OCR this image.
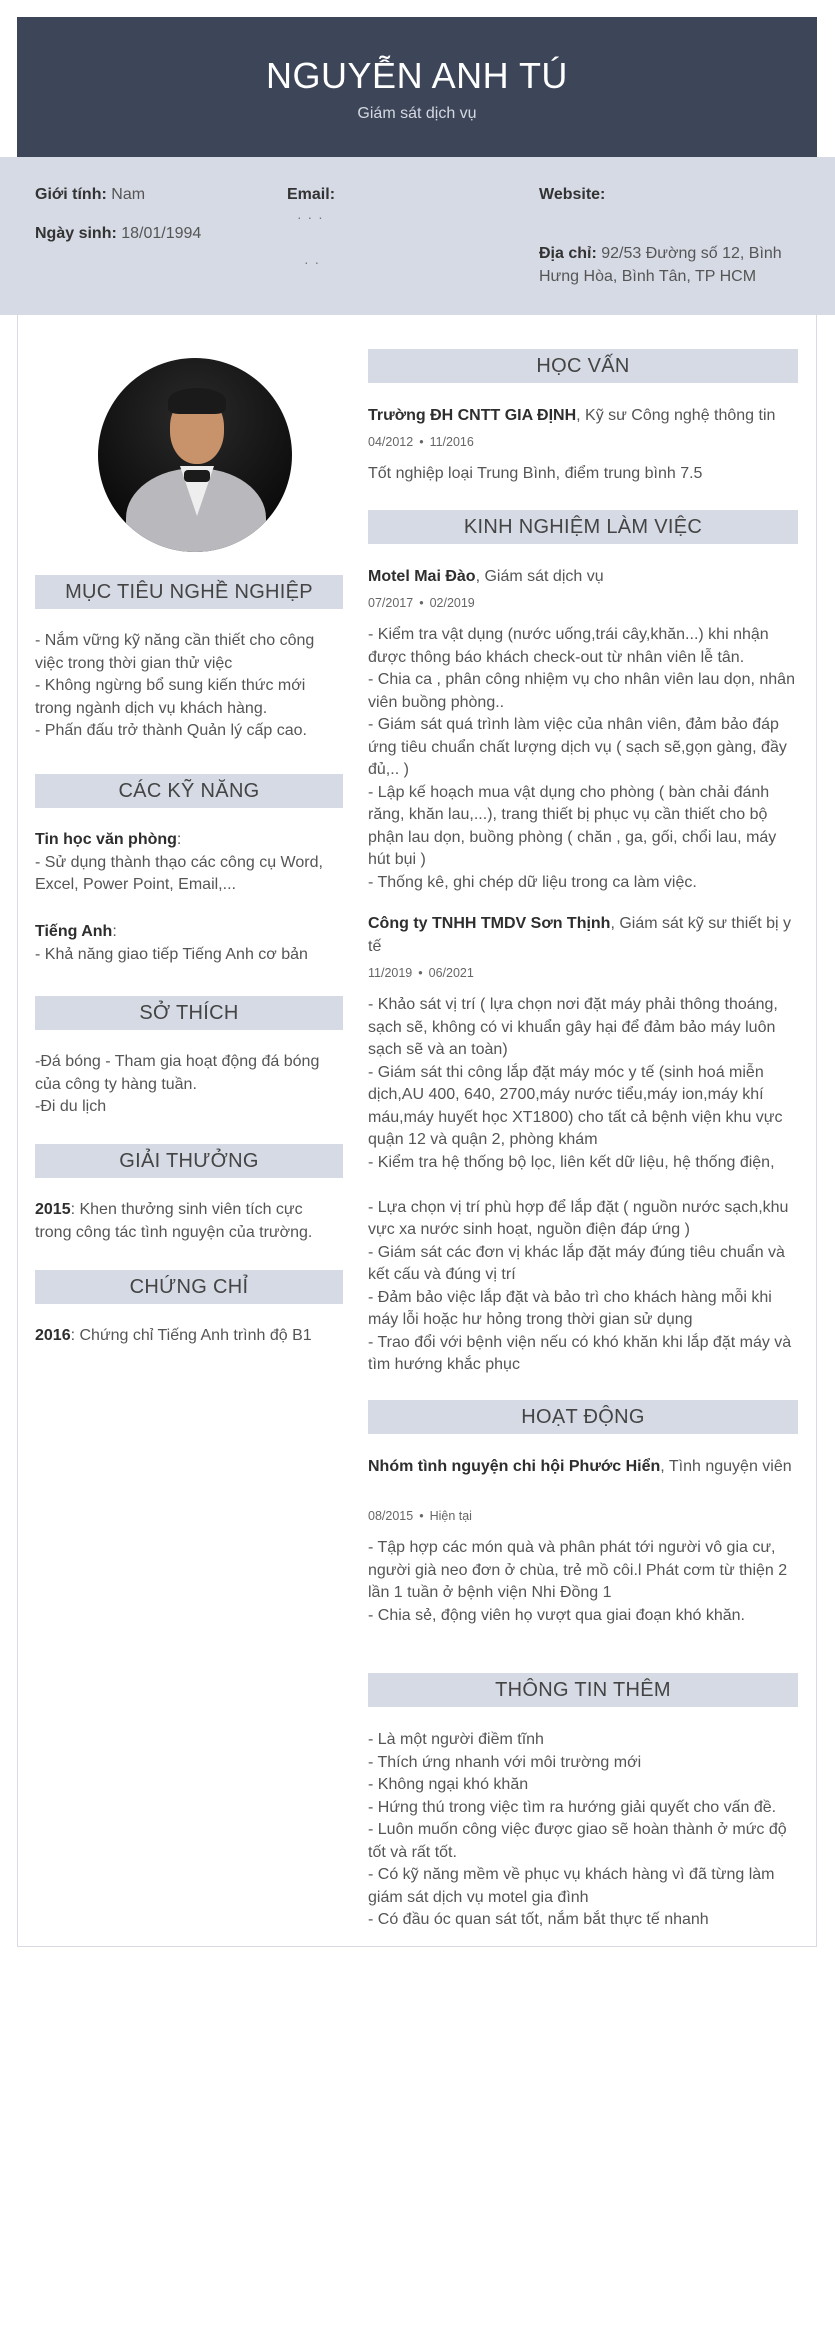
NGUYỄN ANH TÚ
Giám sát dịch vụ
Giới tính: Nam
Ngày sinh: 18/01/1994
Email:
· · ·
· ·
Website:
Địa chỉ: 92/53 Đường số 12, Bình Hưng Hòa, Bình Tân, TP HCM
MỤC TIÊU NGHỀ NGHIỆP
- Nắm vững kỹ năng cần thiết cho công việc trong thời gian thử việc
- Không ngừng bổ sung kiến thức mới trong ngành dịch vụ khách hàng.
- Phấn đấu trở thành Quản lý cấp cao.
CÁC KỸ NĂNG
Tin học văn phòng:
- Sử dụng thành thạo các công cụ Word, Excel, Power Point, Email,...
Tiếng Anh:
- Khả năng giao tiếp Tiếng Anh cơ bản
SỞ THÍCH
-Đá bóng - Tham gia hoạt động đá bóng của công ty hàng tuần.
-Đi du lịch
GIẢI THƯỞNG
2015: Khen thưởng sinh viên tích cực trong công tác tình nguyện của trường.
CHỨNG CHỈ
2016: Chứng chỉ Tiếng Anh trình độ B1
HỌC VẤN
Trường ĐH CNTT GIA ĐỊNH, Kỹ sư Công nghệ thông tin
04/2012 • 11/2016
Tốt nghiệp loại Trung Bình, điểm trung bình 7.5
KINH NGHIỆM LÀM VIỆC
Motel Mai Đào, Giám sát dịch vụ
07/2017 • 02/2019
- Kiểm tra vật dụng (nước uống,trái cây,khăn...) khi nhận được thông báo khách check-out từ nhân viên lễ tân.
- Chia ca , phân công nhiệm vụ cho nhân viên lau dọn, nhân viên buồng phòng..
- Giám sát quá trình làm việc của nhân viên, đảm bảo đáp ứng tiêu chuẩn chất lượng dịch vụ ( sạch sẽ,gọn gàng, đầy đủ,.. )
- Lập kế hoạch mua vật dụng cho phòng ( bàn chải đánh răng, khăn lau,...), trang thiết bị phục vụ cần thiết cho bộ phận lau dọn, buồng phòng ( chăn , ga, gối, chổi lau, máy hút bụi )
- Thống kê, ghi chép dữ liệu trong ca làm việc.
Công ty TNHH TMDV Sơn Thịnh, Giám sát kỹ sư thiết bị y tế
11/2019 • 06/2021
- Khảo sát vị trí ( lựa chọn nơi đặt máy phải thông thoáng, sạch sẽ, không có vi khuẩn gây hại để đảm bảo máy luôn sạch sẽ và an toàn)
- Giám sát thi công lắp đặt máy móc y tế (sinh hoá miễn dịch,AU 400, 640, 2700,máy nước tiểu,máy ion,máy khí máu,máy huyết học XT1800) cho tất cả bệnh viện khu vực quận 12 và quận 2, phòng khám
- Kiểm tra hệ thống bộ lọc, liên kết dữ liệu, hệ thống điện,

- Lựa chọn vị trí phù hợp để lắp đặt ( nguồn nước sạch,khu vực xa nước sinh hoạt, nguồn điện đáp ứng )
- Giám sát các đơn vị khác lắp đặt máy đúng tiêu chuẩn và kết cấu và đúng vị trí
- Đảm bảo việc lắp đặt và bảo trì cho khách hàng mỗi khi máy lỗi hoặc hư hỏng trong thời gian sử dụng
- Trao đổi với bệnh viện nếu có khó khăn khi lắp đặt máy và tìm hướng khắc phục
HOẠT ĐỘNG
Nhóm tình nguyện chi hội Phước Hiển, Tình nguyện viên
08/2015 • Hiện tại
- Tập hợp các món quà và phân phát tới người vô gia cư, người già neo đơn ở chùa, trẻ mồ côi.l Phát cơm từ thiện 2 lần 1 tuần ở bệnh viện Nhi Đồng 1
- Chia sẻ, động viên họ vượt qua giai đoạn khó khăn.
THÔNG TIN THÊM
- Là một người điềm tĩnh
- Thích ứng nhanh với môi trường mới
- Không ngại khó khăn
- Hứng thú trong việc tìm ra hướng giải quyết cho vấn đề.
- Luôn muốn công việc được giao sẽ hoàn thành ở mức độ tốt và rất tốt.
- Có kỹ năng mềm về phục vụ khách hàng vì đã từng làm giám sát dịch vụ motel gia đình
- Có đầu óc quan sát tốt, nắm bắt thực tế nhanh
